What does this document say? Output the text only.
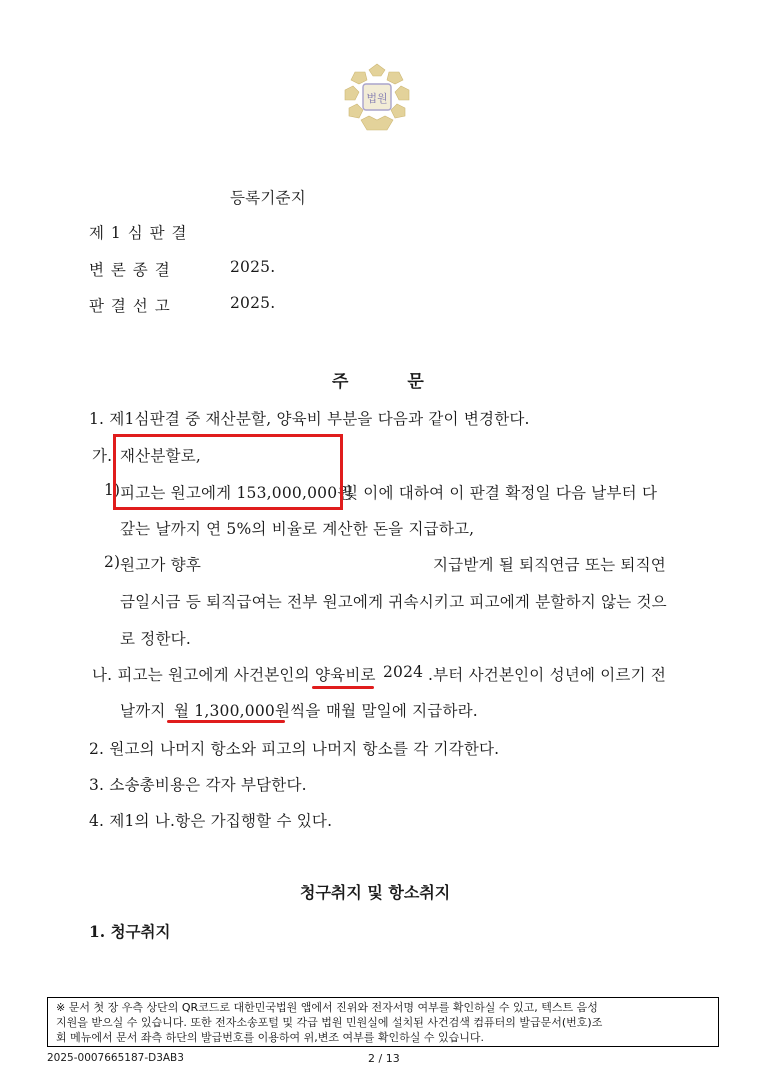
법원
등록기준지
제 1 심 판 결
변 론 종 결	2025.
판 결 선 고	2025.
주　　　문
1. 제1심판결 중 재산분할, 양육비 부분을 다음과 같이 변경한다.
가. 재산분할로,
1) 피고는 원고에게 153,000,000원
및 이에 대하여 이 판결 확정일 다음 날부터 다
갚는 날까지 연 5%의 비율로 계산한 돈을 지급하고,
2) 원고가 향후	지급받게 될 퇴직연금 또는 퇴직연
금일시금 등 퇴직급여는 전부 원고에게 귀속시키고 피고에게 분할하지 않는 것으
로 정한다.
나. 피고는 원고에게 사건본인의 양육비로 2024 .부터 사건본인이 성년에 이르기 전
날까지 월 1,300,000원씩을 매월 말일에 지급하라.
2. 원고의 나머지 항소와 피고의 나머지 항소를 각 기각한다.
3. 소송총비용은 각자 부담한다.
4. 제1의 나.항은 가집행할 수 있다.
청구취지 및 항소취지
1. 청구취지
※ 문서 첫 장 우측 상단의 QR코드로 대한민국법원 앱에서 진위와 전자서명 여부를 확인하실 수 있고, 텍스트 음성
지원을 받으실 수 있습니다. 또한 전자소송포털 및 각급 법원 민원실에 설치된 사건검색 컴퓨터의 발급문서(번호)조
회 메뉴에서 문서 좌측 하단의 발급번호를 이용하여 위,변조 여부를 확인하실 수 있습니다.
2025-0007665187-D3AB3	2 / 13
